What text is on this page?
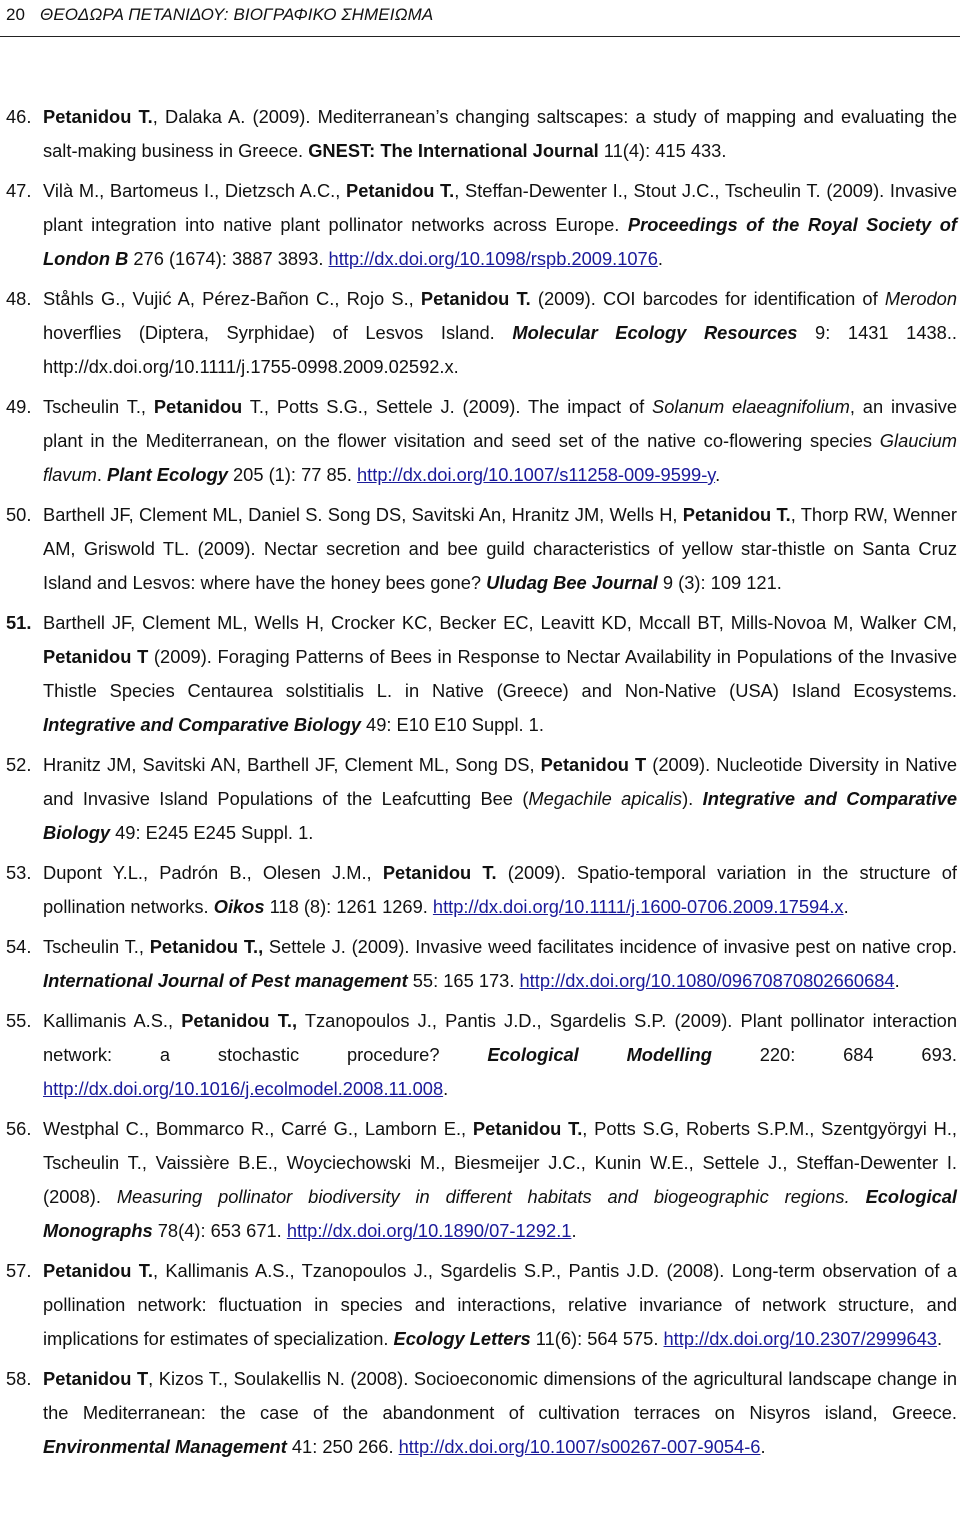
20 ΘΕΟΔΩΡΑ ΠΕΤΑΝΙΔΟΥ: ΒΙΟΓΡΑΦΙΚΟ ΣΗΜΕΙΩΜΑ
46. Petanidou T., Dalaka A. (2009). Mediterranean’s changing saltscapes: a study of mapping and evaluating the salt-making business in Greece. GNEST: The International Journal 11(4): 415 433.
47. Vilà M., Bartomeus I., Dietzsch A.C., Petanidou T., Steffan-Dewenter I., Stout J.C., Tscheulin T. (2009). Invasive plant integration into native plant pollinator networks across Europe. Proceedings of the Royal Society of London B 276 (1674): 3887 3893. http://dx.doi.org/10.1098/rspb.2009.1076.
48. Ståhls G., Vujić A, Pérez-Bañon C., Rojo S., Petanidou T. (2009). COI barcodes for identification of Merodon hoverflies (Diptera, Syrphidae) of Lesvos Island. Molecular Ecology Resources 9: 1431 1438.. http://dx.doi.org/10.1111/j.1755-0998.2009.02592.x.
49. Tscheulin T., Petanidou T., Potts S.G., Settele J. (2009). The impact of Solanum elaeagnifolium, an invasive plant in the Mediterranean, on the flower visitation and seed set of the native co-flowering species Glaucium flavum. Plant Ecology 205 (1): 77 85. http://dx.doi.org/10.1007/s11258-009-9599-y.
50. Barthell JF, Clement ML, Daniel S. Song DS, Savitski An, Hranitz JM, Wells H, Petanidou T., Thorp RW, Wenner AM, Griswold TL. (2009). Nectar secretion and bee guild characteristics of yellow star-thistle on Santa Cruz Island and Lesvos: where have the honey bees gone? Uludag Bee Journal 9 (3): 109 121.
51. Barthell JF, Clement ML, Wells H, Crocker KC, Becker EC, Leavitt KD, Mccall BT, Mills-Novoa M, Walker CM, Petanidou T (2009). Foraging Patterns of Bees in Response to Nectar Availability in Populations of the Invasive Thistle Species Centaurea solstitialis L. in Native (Greece) and Non-Native (USA) Island Ecosystems. Integrative and Comparative Biology 49: E10 E10 Suppl. 1.
52. Hranitz JM, Savitski AN, Barthell JF, Clement ML, Song DS, Petanidou T (2009). Nucleotide Diversity in Native and Invasive Island Populations of the Leafcutting Bee (Megachile apicalis). Integrative and Comparative Biology 49: E245 E245 Suppl. 1.
53. Dupont Y.L., Padrón B., Olesen J.M., Petanidou T. (2009). Spatio-temporal variation in the structure of pollination networks. Oikos 118 (8): 1261 1269. http://dx.doi.org/10.1111/j.1600-0706.2009.17594.x.
54. Tscheulin T., Petanidou T., Settele J. (2009). Invasive weed facilitates incidence of invasive pest on native crop. International Journal of Pest management 55: 165 173. http://dx.doi.org/10.1080/09670870802660684.
55. Kallimanis A.S., Petanidou T., Tzanopoulos J., Pantis J.D., Sgardelis S.P. (2009). Plant pollinator interaction network: a stochastic procedure? Ecological Modelling 220: 684 693. http://dx.doi.org/10.1016/j.ecolmodel.2008.11.008.
56. Westphal C., Bommarco R., Carré G., Lamborn E., Petanidou T., Potts S.G, Roberts S.P.M., Szentgyörgyi H., Tscheulin T., Vaissière B.E., Woyciechowski M., Biesmeijer J.C., Kunin W.E., Settele J., Steffan-Dewenter I. (2008). Measuring pollinator biodiversity in different habitats and biogeographic regions. Ecological Monographs 78(4): 653 671. http://dx.doi.org/10.1890/07-1292.1.
57. Petanidou T., Kallimanis A.S., Tzanopoulos J., Sgardelis S.P., Pantis J.D. (2008). Long-term observation of a pollination network: fluctuation in species and interactions, relative invariance of network structure, and implications for estimates of specialization. Ecology Letters 11(6): 564 575. http://dx.doi.org/10.2307/2999643.
58. Petanidou T, Kizos T., Soulakellis N. (2008). Socioeconomic dimensions of the agricultural landscape change in the Mediterranean: the case of the abandonment of cultivation terraces on Nisyros island, Greece. Environmental Management 41: 250 266. http://dx.doi.org/10.1007/s00267-007-9054-6.
